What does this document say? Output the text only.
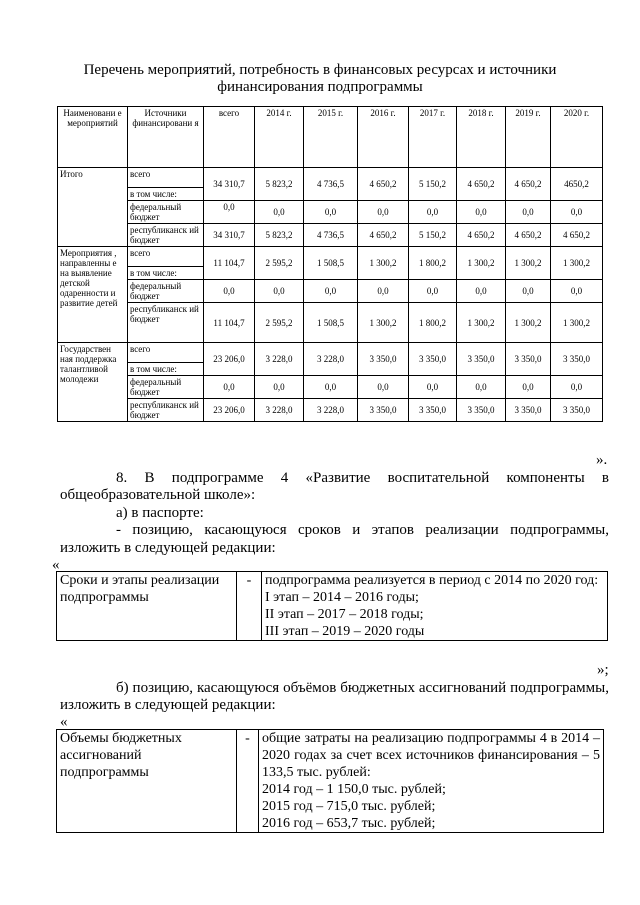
Перечень мероприятий, потребность в финансовых ресурсах и источники финансирования подпрограммы
Наименовани е мероприятий	Источники финансировани я	всего	2014 г.	2015 г.	2016 г.	2017 г.	2018 г.	2019 г.	2020 г.
Итого	всего	34 310,7	5 823,2	4 736,5	4 650,2	5 150,2	4 650,2	4 650,2	4650,2
	в том числе:								
	федеральный бюджет	0,0	0,0	0,0	0,0	0,0	0,0	0,0	0,0
	республиканск ий бюджет	34 310,7	5 823,2	4 736,5	4 650,2	5 150,2	4 650,2	4 650,2	4 650,2
Мероприятия , направленны е на выявление детской одаренности и развитие детей	всего	11 104,7	2 595,2	1 508,5	1 300,2	1 800,2	1 300,2	1 300,2	1 300,2
	в том числе:								
	федеральный бюджет	0,0	0,0	0,0	0,0	0,0	0,0	0,0	0,0
	республиканск ий бюджет	11 104,7	2 595,2	1 508,5	1 300,2	1 800,2	1 300,2	1 300,2	1 300,2
Государствен ная поддержка талантливой молодежи	всего	23 206,0	3 228,0	3 228,0	3 350,0	3 350,0	3 350,0	3 350,0	3 350,0
	в том числе:								
	федеральный бюджет	0,0	0,0	0,0	0,0	0,0	0,0	0,0	0,0
	республиканск ий бюджет	23 206,0	3 228,0	3 228,0	3 350,0	3 350,0	3 350,0	3 350,0	3 350,0
».
8. В подпрограмме 4 «Развитие воспитательной компоненты в
общеобразовательной школе»:
а) в паспорте:
- позицию, касающуюся сроков и этапов реализации подпрограммы,
изложить в следующей редакции:
«
Сроки и этапы реализации подпрограммы	-	подпрограмма реализуется в период с 2014 по 2020 год:
I этап – 2014 – 2016 годы;
II этап – 2017 – 2018 годы;
III этап – 2019 – 2020 годы
»;
б) позицию, касающуюся объёмов бюджетных ассигнований подпрограммы,
изложить в следующей редакции:
«
Объемы бюджетных ассигнований подпрограммы	-	общие затраты на реализацию подпрограммы 4 в 2014 – 2020 годах за счет всех источников финансирования – 5 133,5 тыс. рублей:
2014 год – 1 150,0 тыс. рублей;
2015 год – 715,0 тыс. рублей;
2016 год – 653,7 тыс. рублей;
